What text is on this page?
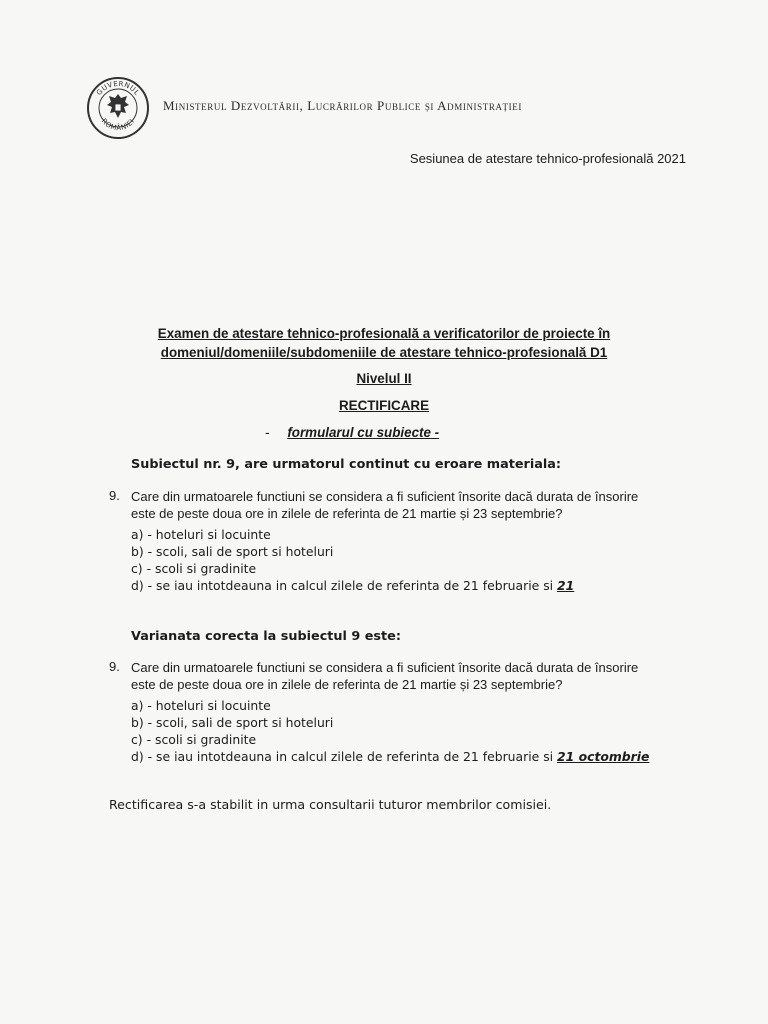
GUVERNUL
ROMÂNIEI
Ministerul Dezvoltării, Lucrărilor Publice și Administrației
Sesiunea de atestare tehnico-profesională 2021
Examen de atestare tehnico-profesională a verificatorilor de proiecte în
domeniul/domeniile/subdomeniile de atestare tehnico-profesională D1
Nivelul II
RECTIFICARE
- formularul cu subiecte -
Subiectul nr. 9, are urmatorul continut cu eroare materiala:
9. Care din urmatoarele functiuni se considera a fi suficient însorite dacă durata de însorire
este de peste doua ore in zilele de referinta de 21 martie și 23 septembrie?
a) - hoteluri si locuinte
b) - scoli, sali de sport si hoteluri
c) - scoli si gradinite
d) - se iau intotdeauna in calcul zilele de referinta de 21 februarie si 21
Varianata corecta la subiectul 9 este:
9. Care din urmatoarele functiuni se considera a fi suficient însorite dacă durata de însorire
este de peste doua ore in zilele de referinta de 21 martie și 23 septembrie?
a) - hoteluri si locuinte
b) - scoli, sali de sport si hoteluri
c) - scoli si gradinite
d) - se iau intotdeauna in calcul zilele de referinta de 21 februarie si 21 octombrie
Rectificarea s-a stabilit in urma consultarii tuturor membrilor comisiei.
